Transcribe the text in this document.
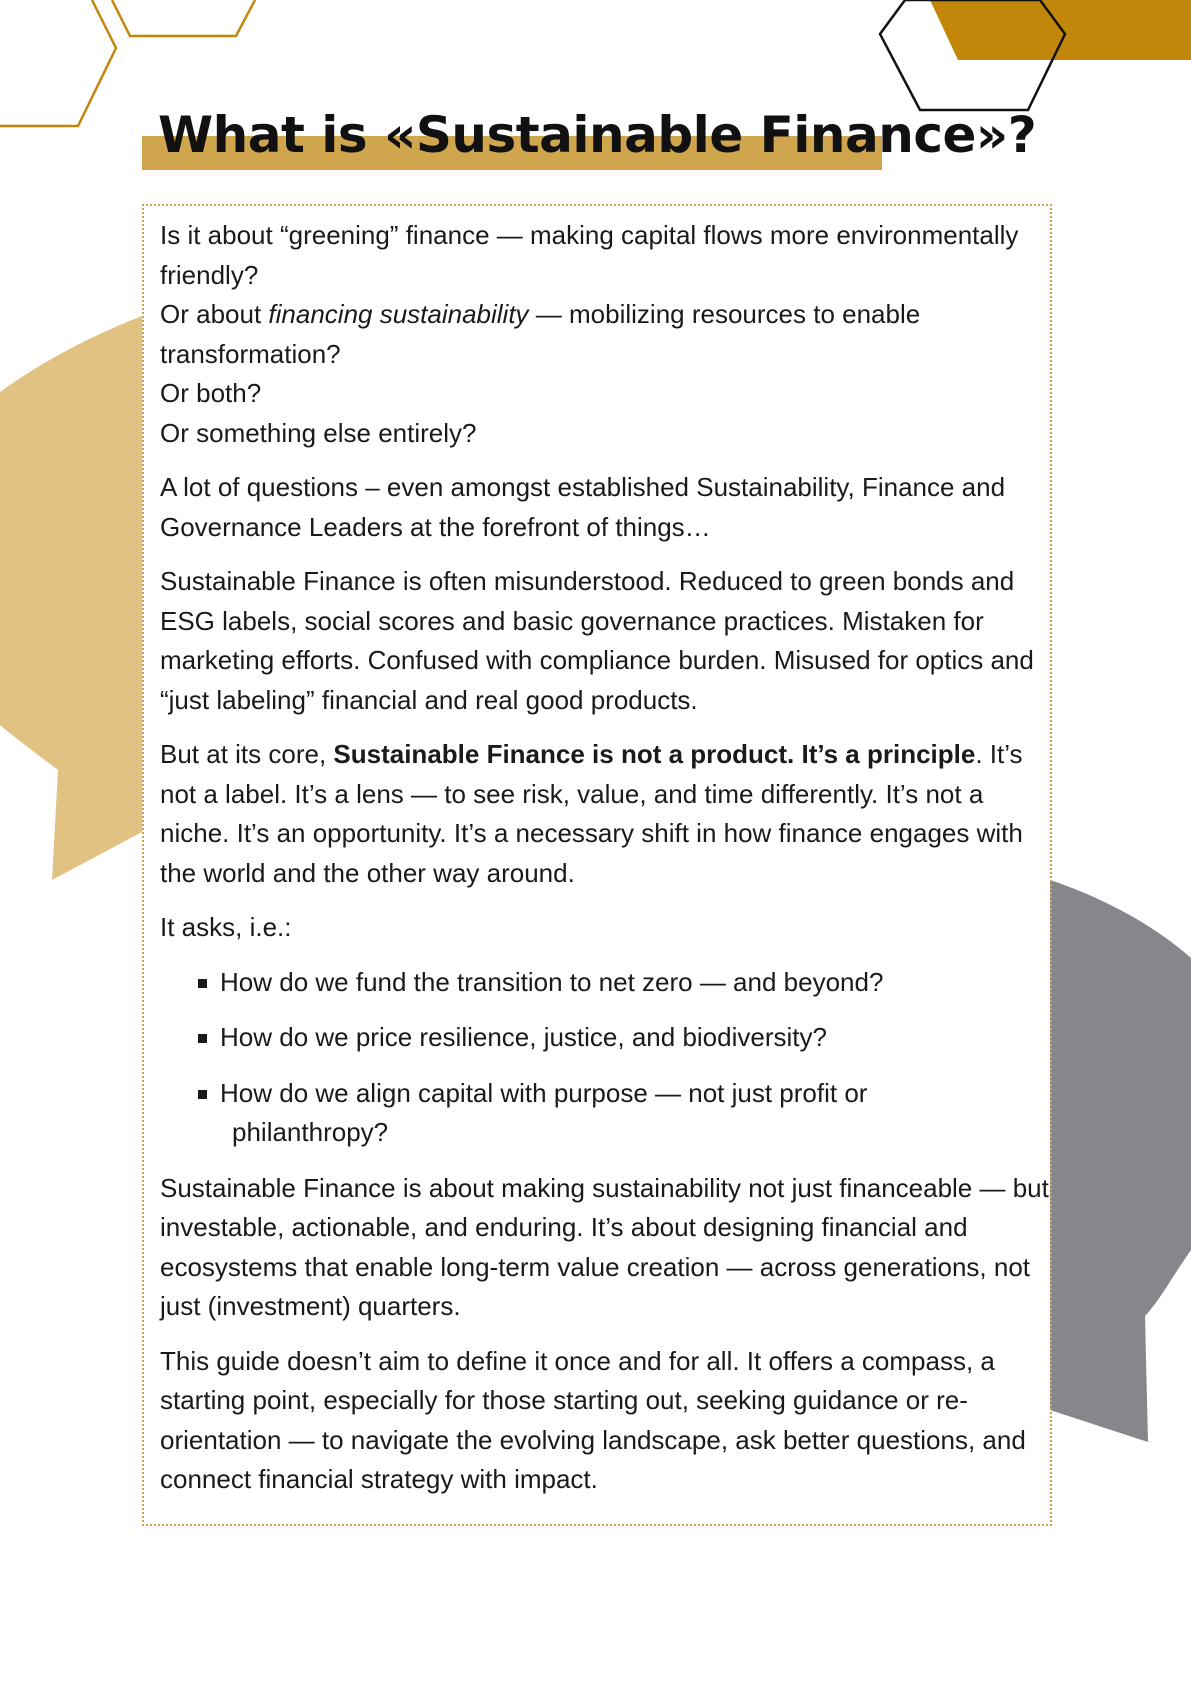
What is «Sustainable Finance»?

Is it about “greening” finance — making capital flows more environmentally friendly?
Or about financing sustainability — mobilizing resources to enable transformation?
Or both?
Or something else entirely?

A lot of questions – even amongst established Sustainability, Finance and Governance Leaders at the forefront of things…

Sustainable Finance is often misunderstood. Reduced to green bonds and ESG labels, social scores and basic governance practices. Mistaken for marketing efforts. Confused with compliance burden. Misused for optics and “just labeling” financial and real good products.

But at its core, Sustainable Finance is not a product. It’s a principle. It’s not a label. It’s a lens — to see risk, value, and time differently. It’s not a niche. It’s an opportunity. It’s a necessary shift in how finance engages with the world and the other way around.

It asks, i.e.:

How do we fund the transition to net zero — and beyond?
How do we price resilience, justice, and biodiversity?
How do we align capital with purpose — not just profit or
philanthropy?

Sustainable Finance is about making sustainability not just financeable — but investable, actionable, and enduring. It’s about designing financial and ecosystems that enable long-term value creation — across generations, not just (investment) quarters.

This guide doesn’t aim to define it once and for all. It offers a compass, a starting point, especially for those starting out, seeking guidance or re-orientation — to navigate the evolving landscape, ask better questions, and connect financial strategy with impact.
